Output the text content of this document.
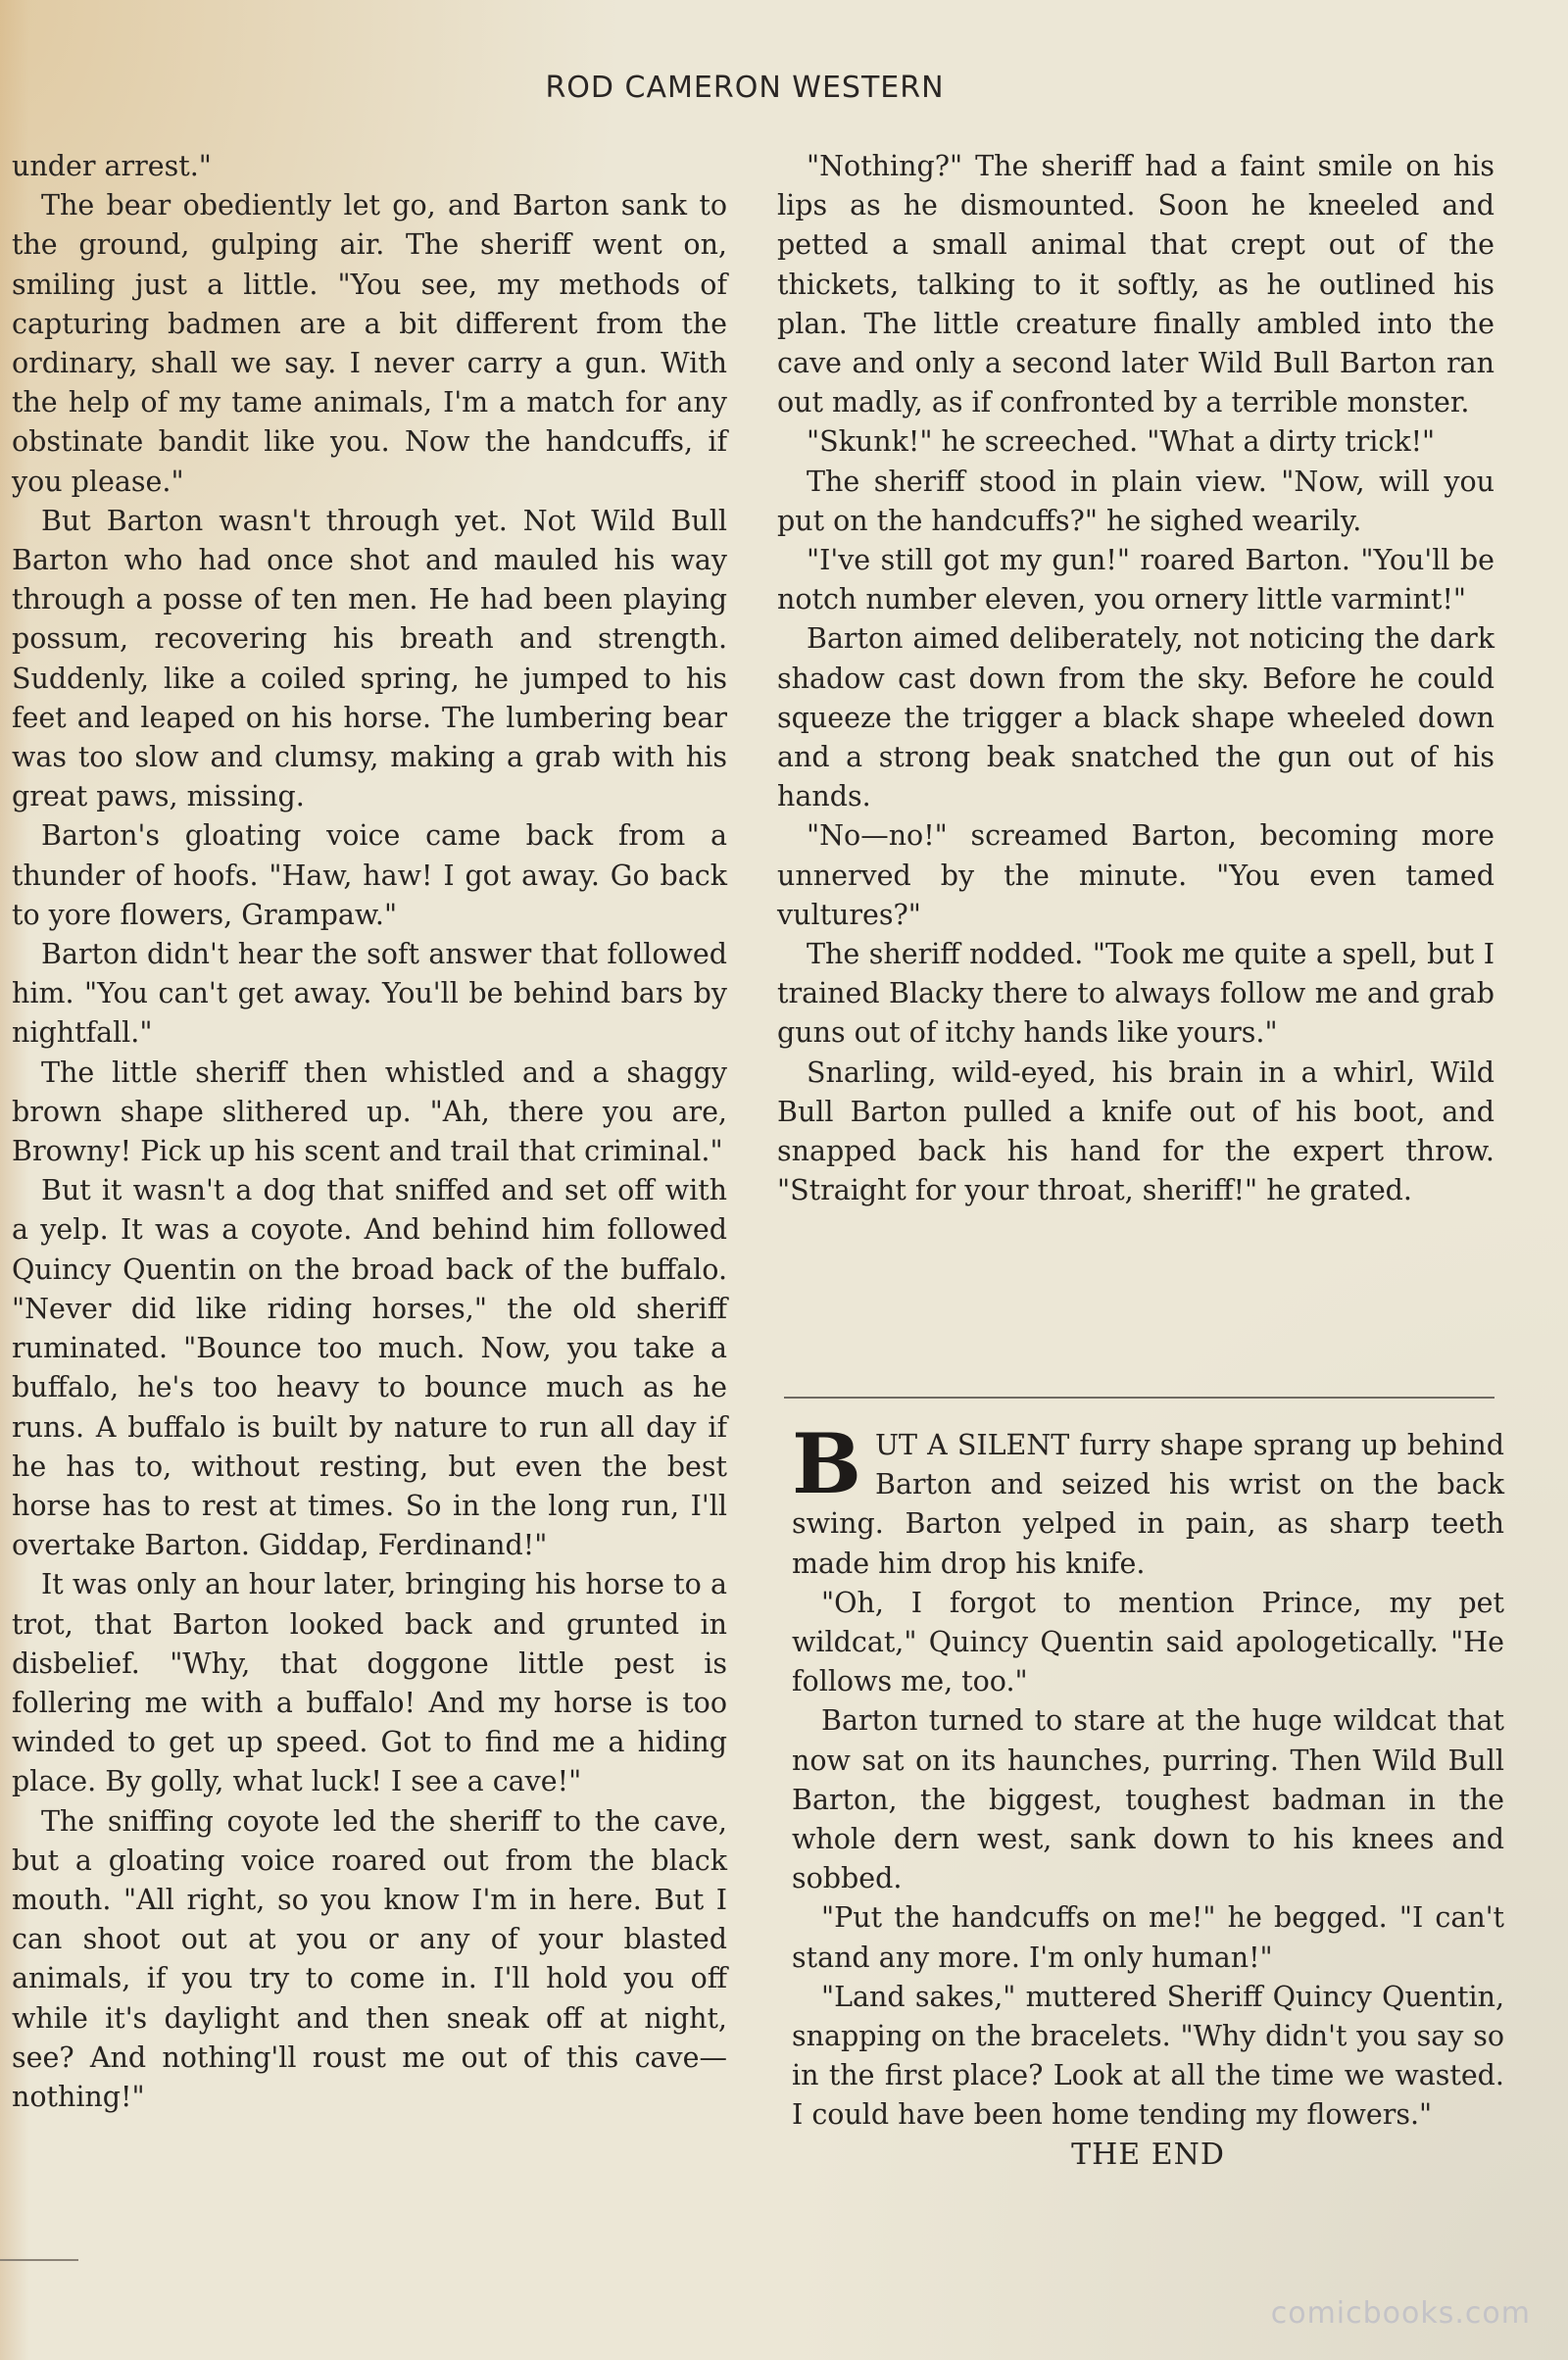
ROD CAMERON WESTERN

under arrest."

The bear obediently let go, and Barton sank to the ground, gulping air. The sheriff went on, smiling just a little. "You see, my methods of capturing badmen are a bit different from the ordinary, shall we say. I never carry a gun. With the help of my tame animals, I'm a match for any obstinate bandit like you. Now the handcuffs, if you please."

But Barton wasn't through yet. Not Wild Bull Barton who had once shot and mauled his way through a posse of ten men. He had been playing possum, recovering his breath and strength. Suddenly, like a coiled spring, he jumped to his feet and leaped on his horse. The lumbering bear was too slow and clumsy, making a grab with his great paws, missing.

Barton's gloating voice came back from a thunder of hoofs. "Haw, haw! I got away. Go back to yore flowers, Grampaw."

Barton didn't hear the soft answer that followed him. "You can't get away. You'll be behind bars by nightfall."

The little sheriff then whistled and a shaggy brown shape slithered up. "Ah, there you are, Browny! Pick up his scent and trail that criminal."

But it wasn't a dog that sniffed and set off with a yelp. It was a coyote. And behind him followed Quincy Quentin on the broad back of the buffalo. "Never did like riding horses," the old sheriff ruminated. "Bounce too much. Now, you take a buffalo, he's too heavy to bounce much as he runs. A buffalo is built by nature to run all day if he has to, without resting, but even the best horse has to rest at times. So in the long run, I'll overtake Barton. Giddap, Ferdinand!"

It was only an hour later, bringing his horse to a trot, that Barton looked back and grunted in disbelief. "Why, that doggone little pest is follering me with a buffalo! And my horse is too winded to get up speed. Got to find me a hiding place. By golly, what luck! I see a cave!"

The sniffing coyote led the sheriff to the cave, but a gloating voice roared out from the black mouth. "All right, so you know I'm in here. But I can shoot out at you or any of your blasted animals, if you try to come in. I'll hold you off while it's daylight and then sneak off at night, see? And nothing'll roust me out of this cave—nothing!"

"Nothing?" The sheriff had a faint smile on his lips as he dismounted. Soon he kneeled and petted a small animal that crept out of the thickets, talking to it softly, as he outlined his plan. The little creature finally ambled into the cave and only a second later Wild Bull Barton ran out madly, as if confronted by a terrible monster.

"Skunk!" he screeched. "What a dirty trick!"

The sheriff stood in plain view. "Now, will you put on the handcuffs?" he sighed wearily.

"I've still got my gun!" roared Barton. "You'll be notch number eleven, you ornery little varmint!"

Barton aimed deliberately, not noticing the dark shadow cast down from the sky. Before he could squeeze the trigger a black shape wheeled down and a strong beak snatched the gun out of his hands.

"No—no!" screamed Barton, becoming more unnerved by the minute. "You even tamed vultures?"

The sheriff nodded. "Took me quite a spell, but I trained Blacky there to always follow me and grab guns out of itchy hands like yours."

Snarling, wild-eyed, his brain in a whirl, Wild Bull Barton pulled a knife out of his boot, and snapped back his hand for the expert throw. "Straight for your throat, sheriff!" he grated.

BUT A SILENT furry shape sprang up behind Barton and seized his wrist on the back swing. Barton yelped in pain, as sharp teeth made him drop his knife.

"Oh, I forgot to mention Prince, my pet wildcat," Quincy Quentin said apologetically. "He follows me, too."

Barton turned to stare at the huge wildcat that now sat on its haunches, purring. Then Wild Bull Barton, the biggest, toughest badman in the whole dern west, sank down to his knees and sobbed.

"Put the handcuffs on me!" he begged. "I can't stand any more. I'm only human!"

"Land sakes," muttered Sheriff Quincy Quentin, snapping on the bracelets. "Why didn't you say so in the first place? Look at all the time we wasted. I could have been home tending my flowers."

THE END

comicbooks.com
